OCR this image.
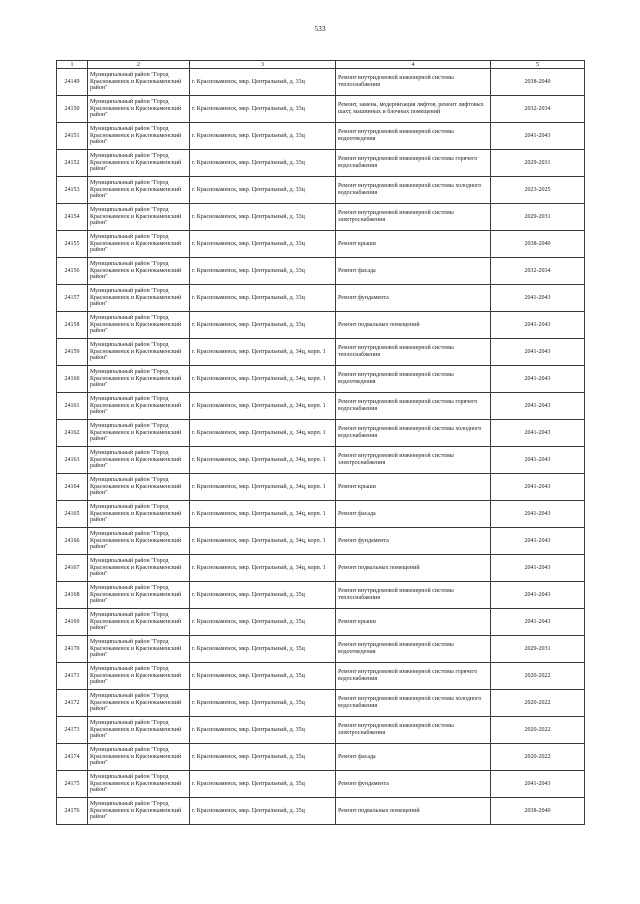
533
1	2	3	4	5
24149	Муниципальный район "Город Краснокаменск и Краснокаменский район"	г. Краснокаменск, мкр. Центральный, д. 33ц	Ремонт внутридомовой инженерной системы теплоснабжения	2038-2040
24150	Муниципальный район "Город Краснокаменск и Краснокаменский район"	г. Краснокаменск, мкр. Центральный, д. 33ц	Ремонт, замена, модернизация лифтов, ремонт лифтовых шахт, машинных и блочных помещений	2032-2034
24151	Муниципальный район "Город Краснокаменск и Краснокаменский район"	г. Краснокаменск, мкр. Центральный, д. 33ц	Ремонт внутридомовой инженерной системы водоотведения	2041-2043
24152	Муниципальный район "Город Краснокаменск и Краснокаменский район"	г. Краснокаменск, мкр. Центральный, д. 33ц	Ремонт внутридомовой инженерной системы горячего водоснабжения	2029-2031
24153	Муниципальный район "Город Краснокаменск и Краснокаменский район"	г. Краснокаменск, мкр. Центральный, д. 33ц	Ремонт внутридомовой инженерной системы холодного водоснабжения	2023-2025
24154	Муниципальный район "Город Краснокаменск и Краснокаменский район"	г. Краснокаменск, мкр. Центральный, д. 33ц	Ремонт внутридомовой инженерной системы электроснабжения	2029-2031
24155	Муниципальный район "Город Краснокаменск и Краснокаменский район"	г. Краснокаменск, мкр. Центральный, д. 33ц	Ремонт крыши	2038-2040
24156	Муниципальный район "Город Краснокаменск и Краснокаменский район"	г. Краснокаменск, мкр. Центральный, д. 33ц	Ремонт фасада	2032-2034
24157	Муниципальный район "Город Краснокаменск и Краснокаменский район"	г. Краснокаменск, мкр. Центральный, д. 33ц	Ремонт фундамента	2041-2043
24158	Муниципальный район "Город Краснокаменск и Краснокаменский район"	г. Краснокаменск, мкр. Центральный, д. 33ц	Ремонт подвальных помещений	2041-2043
24159	Муниципальный район "Город Краснокаменск и Краснокаменский район"	г. Краснокаменск, мкр. Центральный, д. 34ц, корп. 1	Ремонт внутридомовой инженерной системы теплоснабжения	2041-2043
24160	Муниципальный район "Город Краснокаменск и Краснокаменский район"	г. Краснокаменск, мкр. Центральный, д. 34ц, корп. 1	Ремонт внутридомовой инженерной системы водоотведения	2041-2043
24161	Муниципальный район "Город Краснокаменск и Краснокаменский район"	г. Краснокаменск, мкр. Центральный, д. 34ц, корп. 1	Ремонт внутридомовой инженерной системы горячего водоснабжения	2041-2043
24162	Муниципальный район "Город Краснокаменск и Краснокаменский район"	г. Краснокаменск, мкр. Центральный, д. 34ц, корп. 1	Ремонт внутридомовой инженерной системы холодного водоснабжения	2041-2043
24163	Муниципальный район "Город Краснокаменск и Краснокаменский район"	г. Краснокаменск, мкр. Центральный, д. 34ц, корп. 1	Ремонт внутридомовой инженерной системы электроснабжения	2041-2043
24164	Муниципальный район "Город Краснокаменск и Краснокаменский район"	г. Краснокаменск, мкр. Центральный, д. 34ц, корп. 1	Ремонт крыши	2041-2043
24165	Муниципальный район "Город Краснокаменск и Краснокаменский район"	г. Краснокаменск, мкр. Центральный, д. 34ц, корп. 1	Ремонт фасада	2041-2043
24166	Муниципальный район "Город Краснокаменск и Краснокаменский район"	г. Краснокаменск, мкр. Центральный, д. 34ц, корп. 1	Ремонт фундамента	2041-2043
24167	Муниципальный район "Город Краснокаменск и Краснокаменский район"	г. Краснокаменск, мкр. Центральный, д. 34ц, корп. 1	Ремонт подвальных помещений	2041-2043
24168	Муниципальный район "Город Краснокаменск и Краснокаменский район"	г. Краснокаменск, мкр. Центральный, д. 35ц	Ремонт внутридомовой инженерной системы теплоснабжения	2041-2043
24169	Муниципальный район "Город Краснокаменск и Краснокаменский район"	г. Краснокаменск, мкр. Центральный, д. 35ц	Ремонт крыши	2041-2043
24170	Муниципальный район "Город Краснокаменск и Краснокаменский район"	г. Краснокаменск, мкр. Центральный, д. 35ц	Ремонт внутридомовой инженерной системы водоотведения	2029-2031
24171	Муниципальный район "Город Краснокаменск и Краснокаменский район"	г. Краснокаменск, мкр. Центральный, д. 35ц	Ремонт внутридомовой инженерной системы горячего водоснабжения	2020-2022
24172	Муниципальный район "Город Краснокаменск и Краснокаменский район"	г. Краснокаменск, мкр. Центральный, д. 35ц	Ремонт внутридомовой инженерной системы холодного водоснабжения	2020-2022
24173	Муниципальный район "Город Краснокаменск и Краснокаменский район"	г. Краснокаменск, мкр. Центральный, д. 35ц	Ремонт внутридомовой инженерной системы электроснабжения	2020-2022
24174	Муниципальный район "Город Краснокаменск и Краснокаменский район"	г. Краснокаменск, мкр. Центральный, д. 35ц	Ремонт фасада	2020-2022
24175	Муниципальный район "Город Краснокаменск и Краснокаменский район"	г. Краснокаменск, мкр. Центральный, д. 35ц	Ремонт фундамента	2041-2043
24176	Муниципальный район "Город Краснокаменск и Краснокаменский район"	г. Краснокаменск, мкр. Центральный, д. 35ц	Ремонт подвальных помещений	2038-2040
